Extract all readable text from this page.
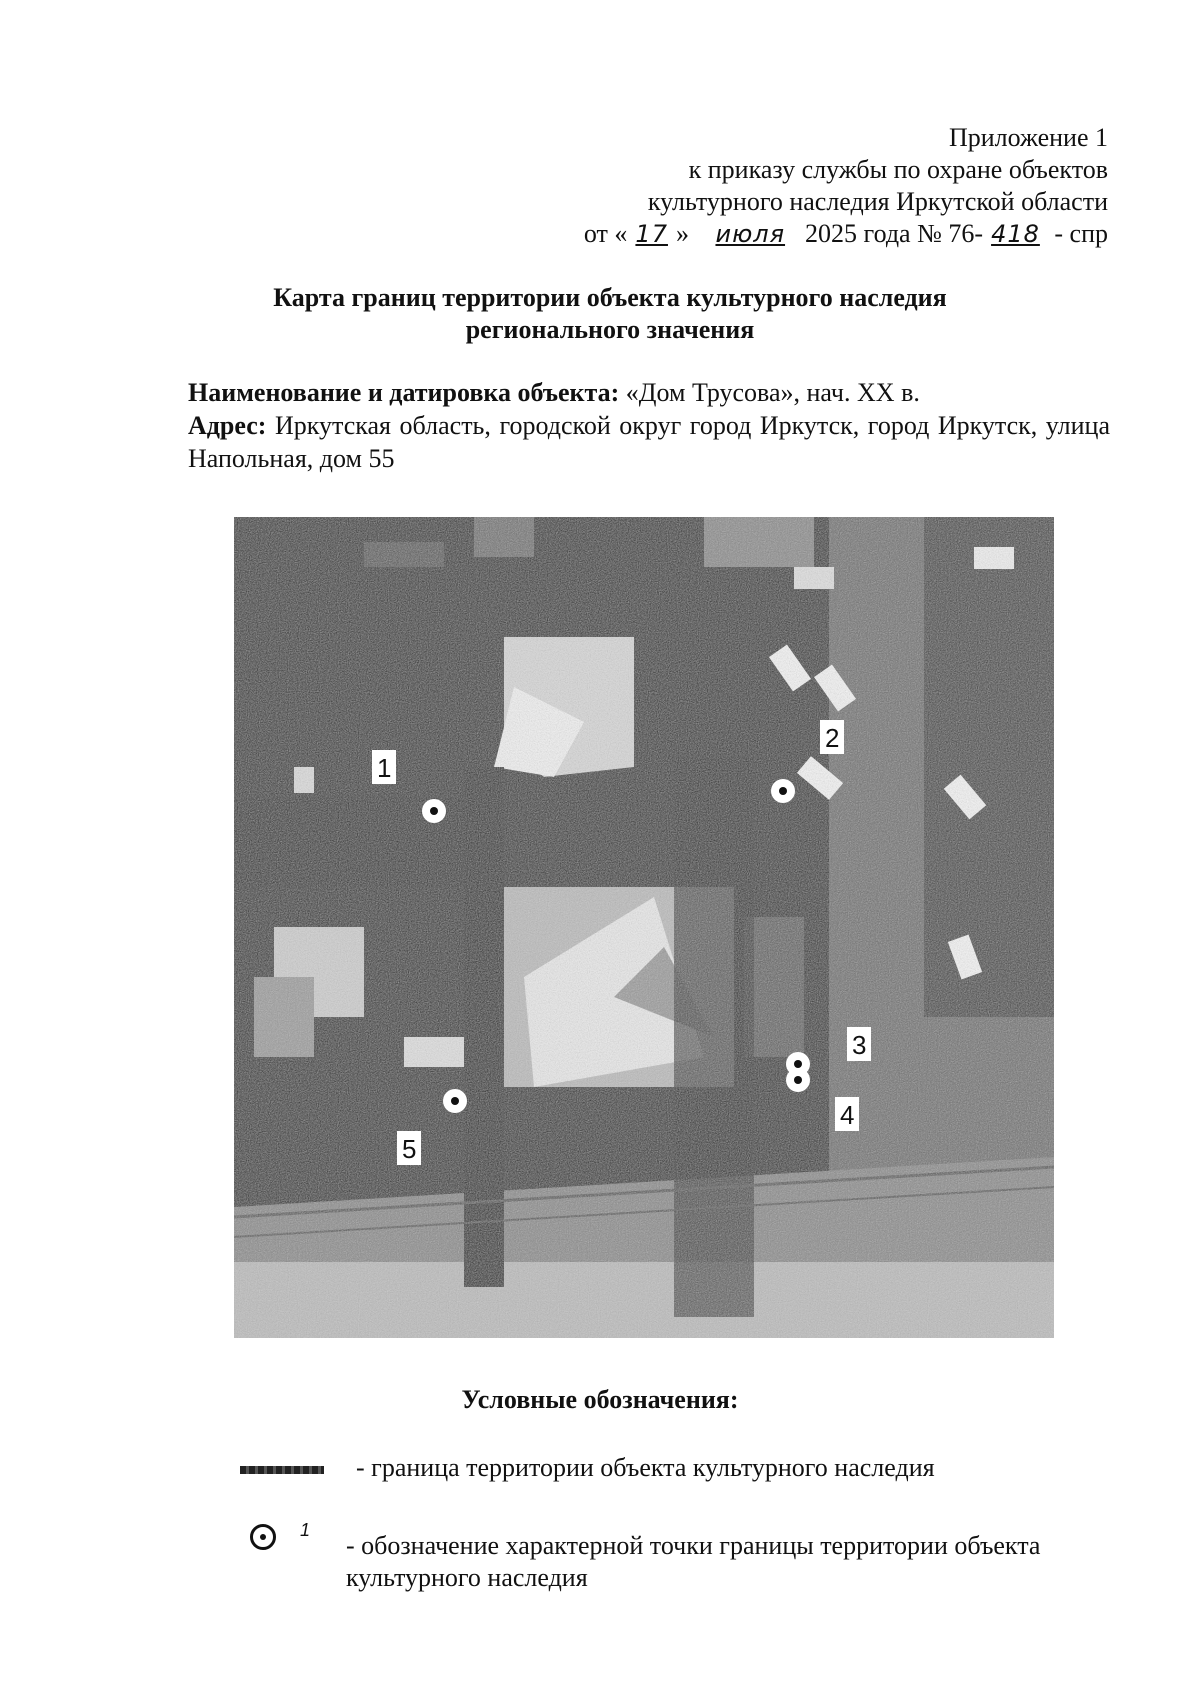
Приложение 1
к приказу службы по охране объектов
культурного наследия Иркутской области
от « 17 » июля 2025 года № 76- 418 - спр
Карта границ территории объекта культурного наследия
регионального значения

Наименование и датировка объекта: «Дом Трусова», нач. XX в.

Адрес: Иркутская область, городской округ город Иркутск, город Иркутск, улица Напольная, дом 55

1
2
3
4
5
Условные обозначения:
- граница территории объекта культурного наследия
1
- обозначение характерной точки границы территории объекта культурного наследия
